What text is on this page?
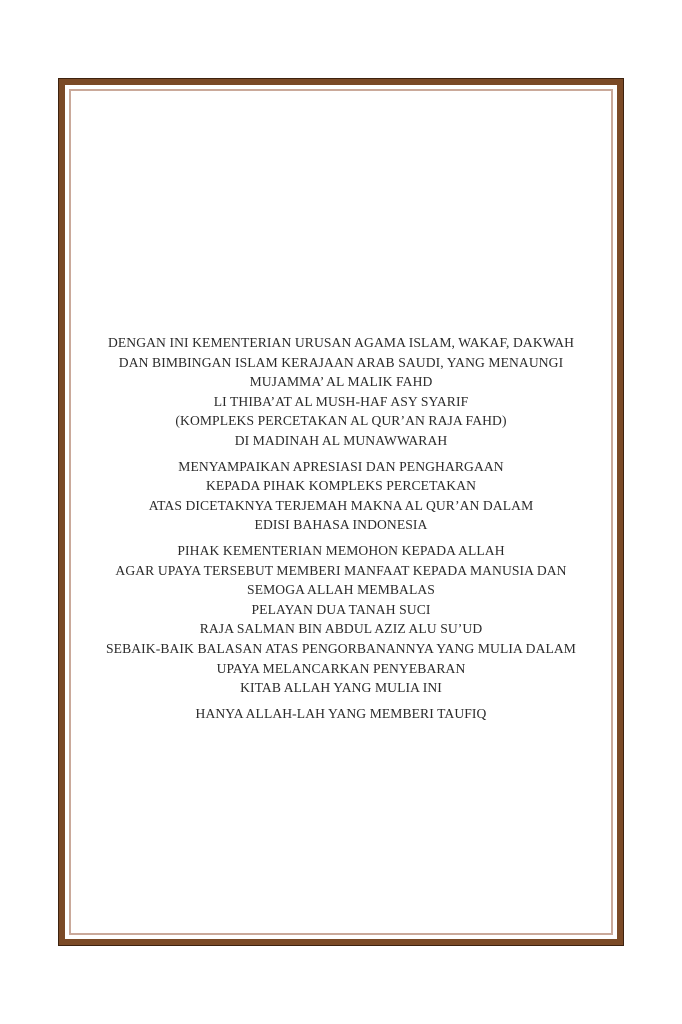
DENGAN INI KEMENTERIAN URUSAN AGAMA ISLAM, WAKAF, DAKWAH
DAN BIMBINGAN ISLAM KERAJAAN ARAB SAUDI, YANG MENAUNGI
MUJAMMA’ AL MALIK FAHD
LI THIBA’AT AL MUSH-HAF ASY SYARIF
(KOMPLEKS PERCETAKAN AL QUR’AN RAJA FAHD)
DI MADINAH AL MUNAWWARAH

MENYAMPAIKAN APRESIASI DAN PENGHARGAAN
KEPADA PIHAK KOMPLEKS PERCETAKAN
ATAS DICETAKNYA TERJEMAH MAKNA AL QUR’AN DALAM
EDISI BAHASA INDONESIA

PIHAK KEMENTERIAN MEMOHON KEPADA ALLAH
AGAR UPAYA TERSEBUT MEMBERI MANFAAT KEPADA MANUSIA DAN
SEMOGA ALLAH MEMBALAS
PELAYAN DUA TANAH SUCI
RAJA SALMAN BIN ABDUL AZIZ ALU SU’UD
SEBAIK-BAIK BALASAN ATAS PENGORBANANNYA YANG MULIA DALAM
UPAYA MELANCARKAN PENYEBARAN
KITAB ALLAH YANG MULIA INI

HANYA ALLAH-LAH YANG MEMBERI TAUFIQ
